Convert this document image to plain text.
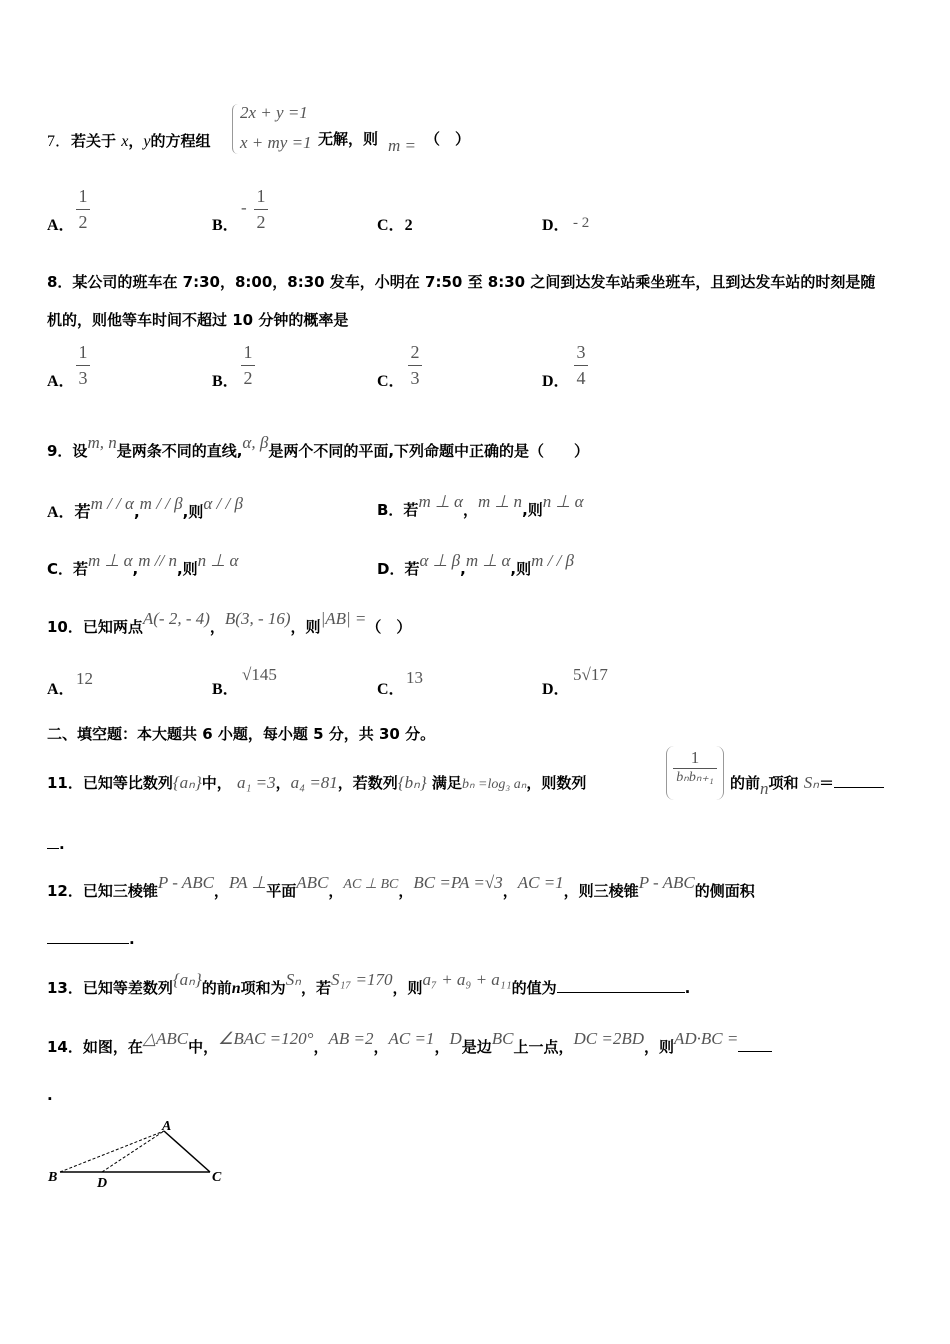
7．若关于 x，y的方程组
2x + y =1
x + my =1 无解，则 m = （　）
A． $\frac{1}{2}$	B．
- $\frac{1}{2}$	C．2	D． - 2
8．某公司的班车在 7:30，8:00，8:30 发车，小明在 7:50 至 8:30 之间到达发车站乘坐班车，且到达发车站的时刻是随
机的，则他等车时间不超过 10 分钟的概率是
A． $\frac{1}{3}$	B． $\frac{1}{2}$	C． $\frac{2}{3}$	D． $\frac{3}{4}$
9．设m, n是两条不同的直线,α, β是两个不同的平面,下列命题中正确的是（　　）
A．若m / / α,m / / β,则α / / β	B．若m ⊥ α，m ⊥ n,则n ⊥ α
C．若m ⊥ α,m // n,则n ⊥ α	D．若α ⊥ β,m ⊥ α,则m / / β
10．已知两点A(- 2, - 4)，B(3, - 16)，则|AB| =（　）
A．
12
B．
√145
C．
13
D．
5√17
二、填空题：本大题共 6 小题，每小题 5 分，共 30 分。
11．已知等比数列{aₙ}中， a₁ =3，a₄ =81，若数列{bₙ} 满足bₙ =log₃ aₙ，则数列
1
bₙbₙ₊₁	的前n项和 Sₙ＝
.
12．已知三棱锥P - ABC，PA ⊥平面ABC，AC ⊥ BC，BC =PA =√3，AC =1，则三棱锥P - ABC的侧面积
.
13．已知等差数列{aₙ}的前n项和为Sₙ，若S₁₇ =170，则a₇ + a₉ + a₁₁的值为	.
14．如图，在△ABC中，∠BAC =120°，AB =2，AC =1，D是边BC上一点，DC =2BD，则AD·BC =
.
A
B	C
D
